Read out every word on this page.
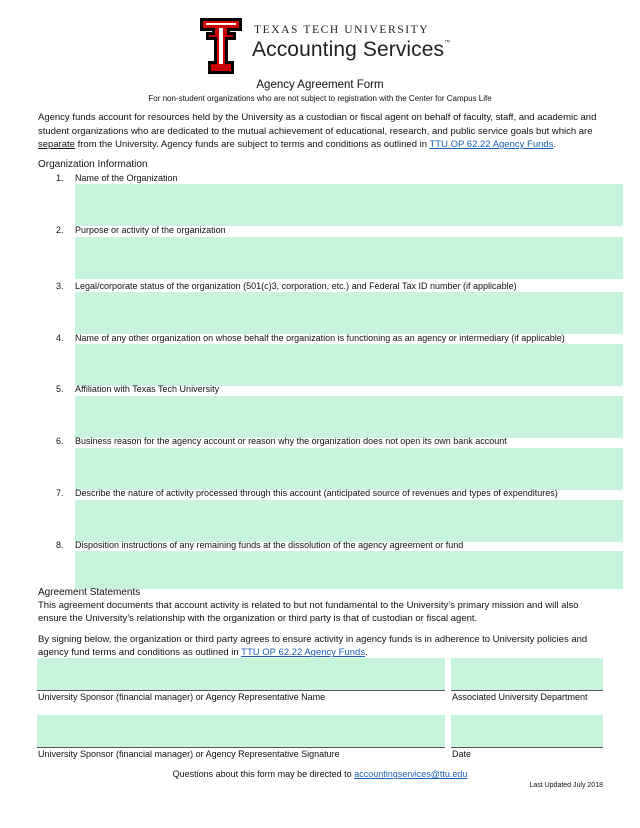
TEXAS TECH UNIVERSITY
Accounting Services™
Agency Agreement Form
For non-student organizations who are not subject to registration with the Center for Campus Life
Agency funds account for resources held by the University as a custodian or fiscal agent on behalf of faculty, staff, and academic and student organizations who are dedicated to the mutual achievement of educational, research, and public service goals but which are separate from the University. Agency funds are subject to terms and conditions as outlined in TTU OP 62.22 Agency Funds.
Organization Information
1. Name of the Organization
2. Purpose or activity of the organization
3. Legal/corporate status of the organization (501(c)3, corporation, etc.) and Federal Tax ID number (if applicable)
4. Name of any other organization on whose behalf the organization is functioning as an agency or intermediary (if applicable)
5. Affiliation with Texas Tech University
6. Business reason for the agency account or reason why the organization does not open its own bank account
7. Describe the nature of activity processed through this account (anticipated source of revenues and types of expenditures)
8. Disposition instructions of any remaining funds at the dissolution of the agency agreement or fund
Agreement Statements
This agreement documents that account activity is related to but not fundamental to the University’s primary mission and will also ensure the University’s relationship with the organization or third party is that of custodian or fiscal agent.
By signing below, the organization or third party agrees to ensure activity in agency funds is in adherence to University policies and agency fund terms and conditions as outlined in TTU OP 62.22 Agency Funds.
University Sponsor (financial manager) or Agency Representative Name	Associated University Department
University Sponsor (financial manager) or Agency Representative Signature	Date
Questions about this form may be directed to accountingservices@ttu.edu
Last Updated July 2018
